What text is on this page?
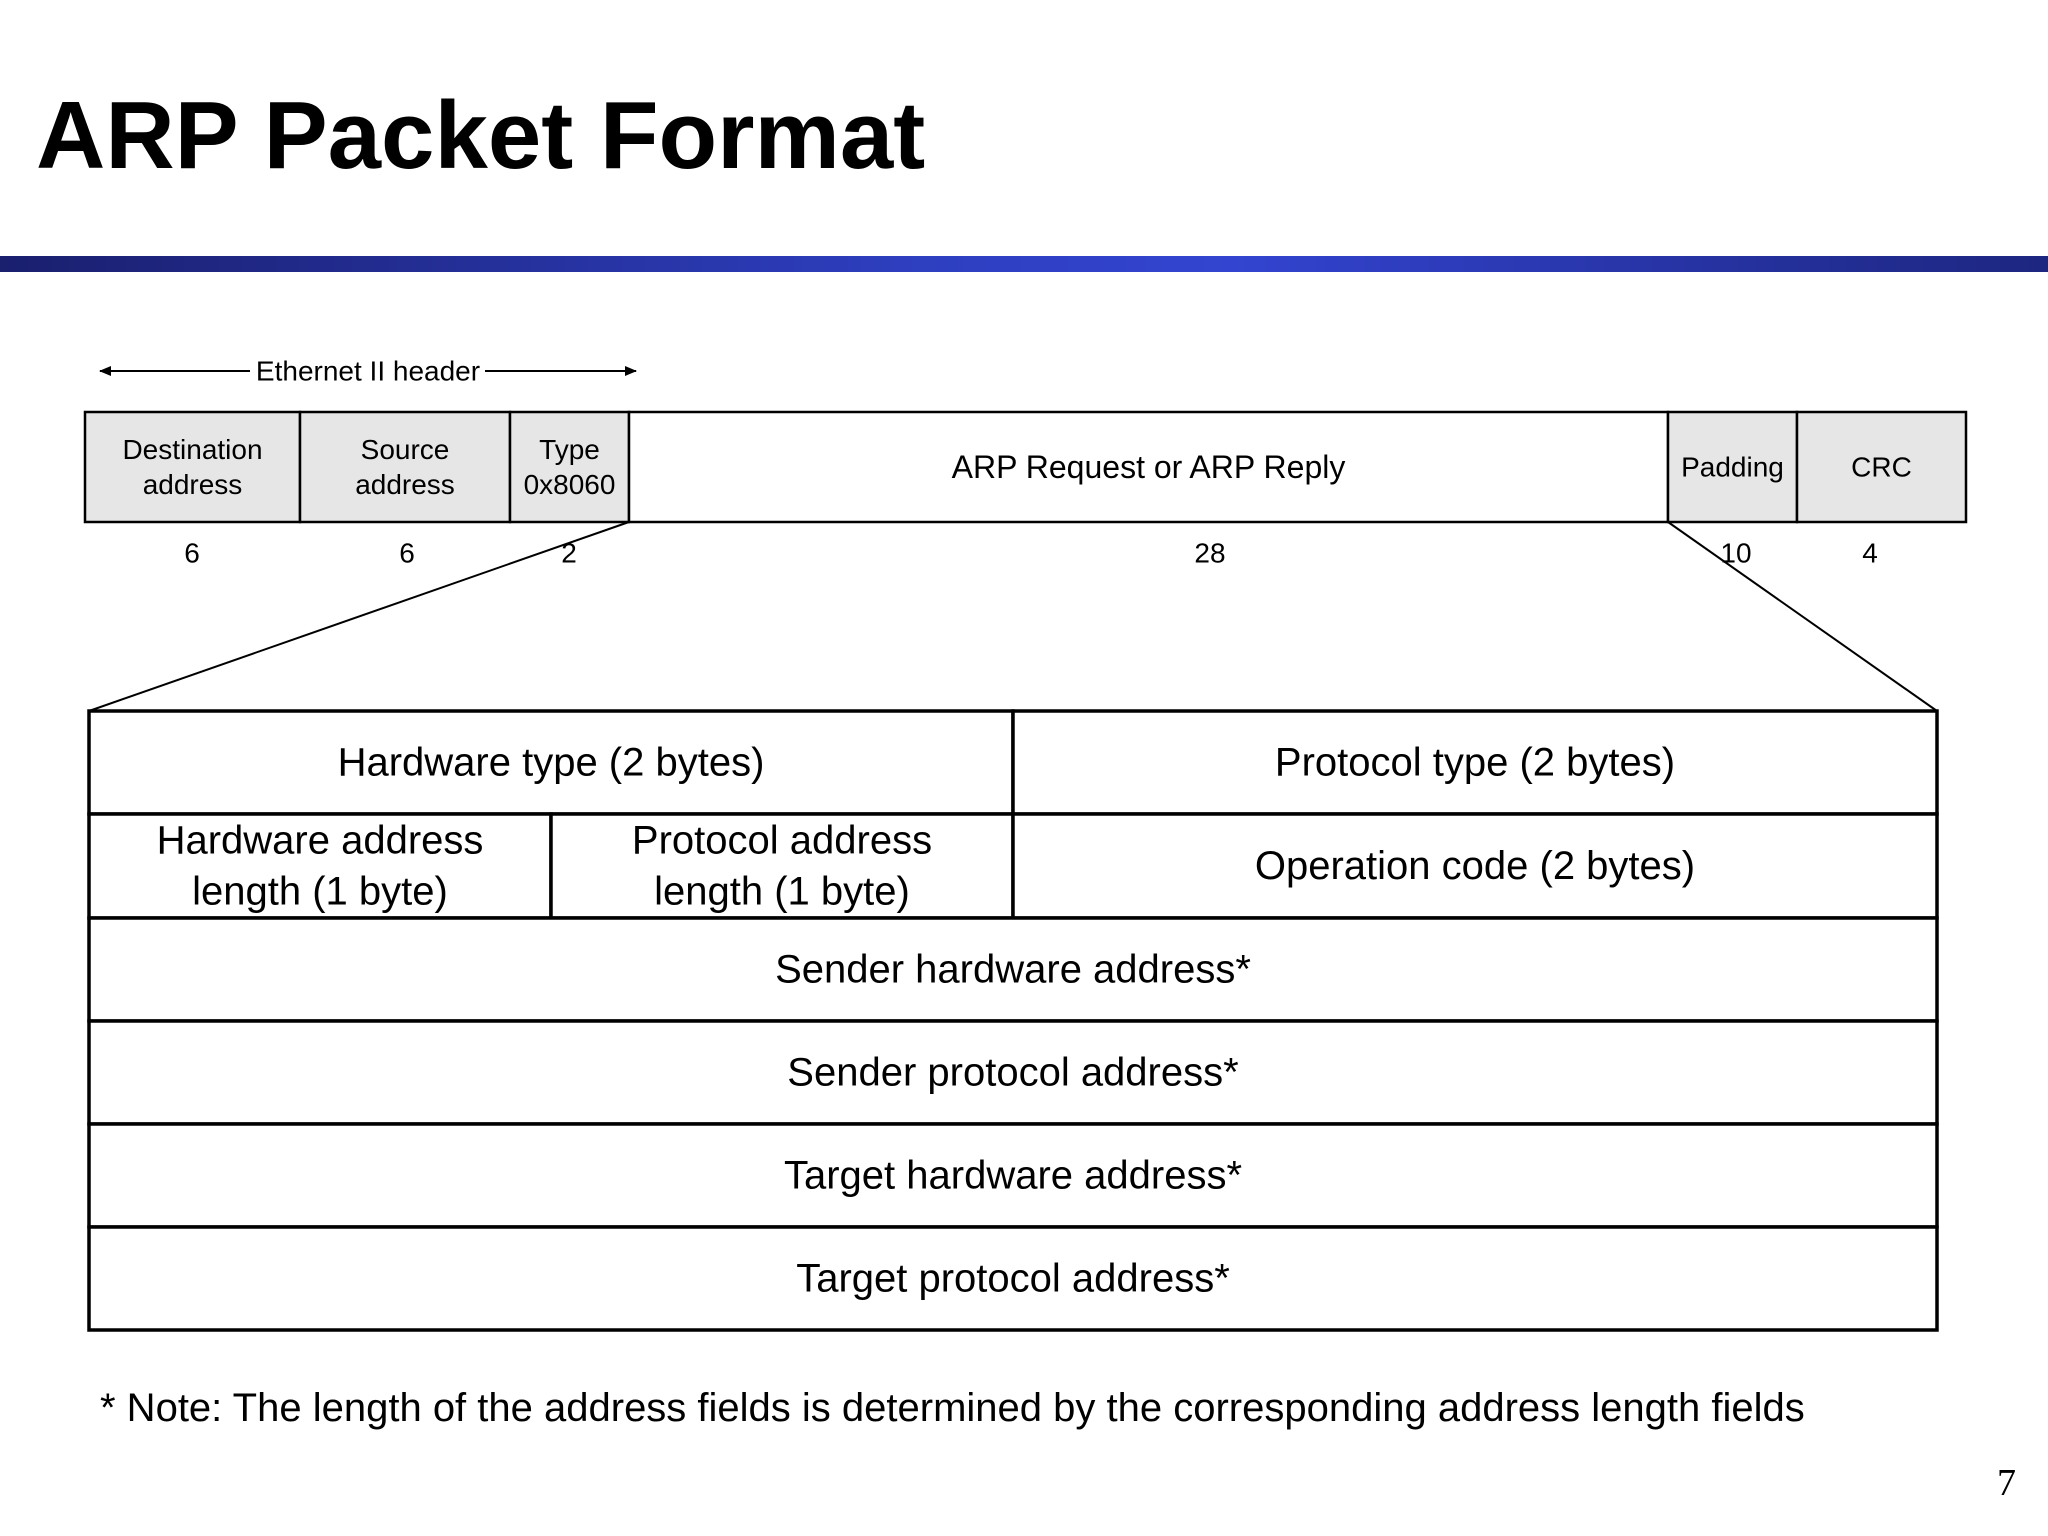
ARP Packet Format
Ethernet II header
Destination
address
6
Source
address
6
Type
0x8060
2
ARP Request or ARP Reply
28
Padding
10
CRC
4
Hardware type (2 bytes)	Protocol type (2 bytes)
Hardware address
length (1 byte)
Protocol address
length (1 byte)
Operation code (2 bytes)
Sender hardware address*
Sender protocol address*
Target hardware address*
Target protocol address*
* Note: The length of the address fields is determined by the corresponding address length fields
7
